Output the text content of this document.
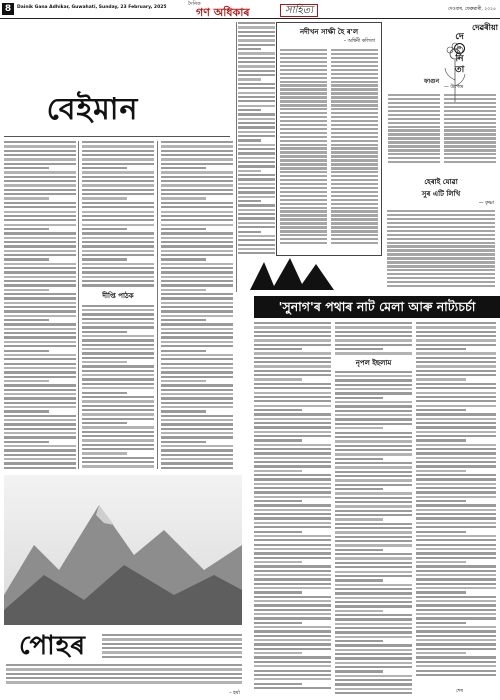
8	Dainik Gana Adhikar, Guwahati, Sunday, 23 February, 2025
দৈনিক
গণ অধিকাৰ	সাহিত্য	দেওবাৰ, ফেব্ৰুৱাৰী, ২০২৫
বেইমান
দীপ্তি পাঠক
নদীখন সাক্ষী হৈ ৰ'ল
– অশ্বিনী কলিতা
দেৱৰীয়া
দে
ও
নি
তা
ফাগুন
— উপেন্দ্ৰ
হেৰাই যোৱা
সুৰ এটি লিখি
— কৃষ্ণা
'সুনাগ'ৰ পথাৰ নাট মেলা আৰু নাট্যচৰ্চা
নৃপল ইছলাম
শেষ
পোহৰ
– হৰ্ষা
